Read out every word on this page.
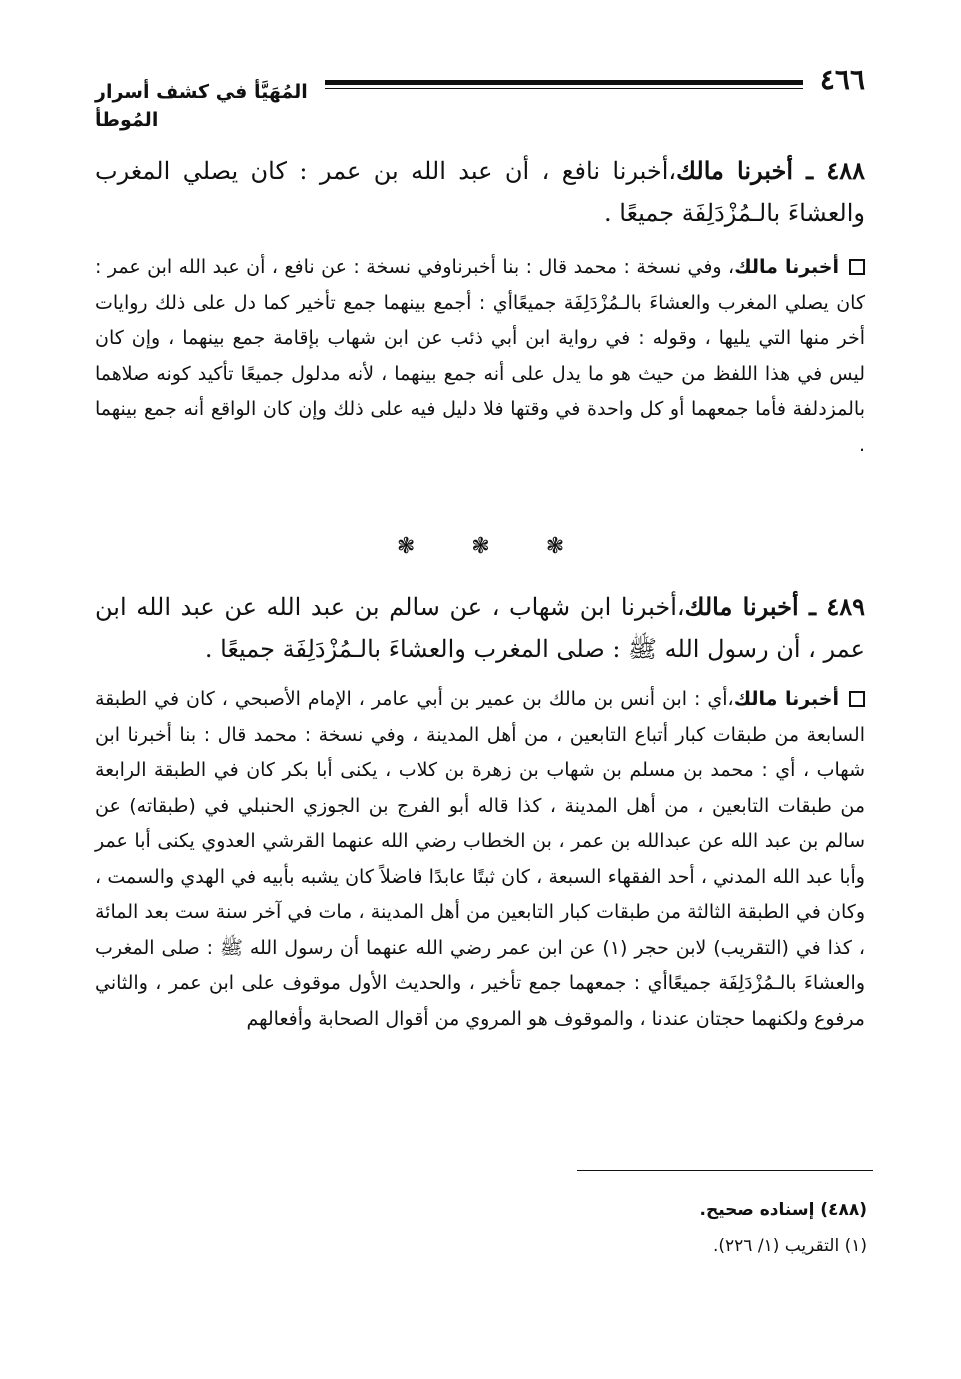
٤٦٦
المُهَيَّأ في كشف أسرار المُوطأ

٤٨٨ ـ أخبرنا مالك،أخبرنا نافع ، أن عبد الله بن عمر : كان يصلي المغرب والعشاءَ بالـمُزْدَلِفَة جميعًا .

أخبرنا مالك، وفي نسخة : محمد قال : بنا أخبرناوفي نسخة : عن نافع ، أن عبد الله ابن عمر : كان يصلي المغرب والعشاءَ بالـمُزْدَلِفَة جميعًاأي : أجمع بينهما جمع تأخير كما دل على ذلك روايات أخر منها التي يليها ، وقوله : في رواية ابن أبي ذئب عن ابن شهاب بإقامة جمع بينهما ، وإن كان ليس في هذا اللفظ من حيث هو ما يدل على أنه جمع بينهما ، لأنه مدلول جميعًا تأكيد كونه صلاهما بالمزدلفة فأما جمعهما أو كل واحدة في وقتها فلا دليل فيه على ذلك وإن كان الواقع أنه جمع بينهما .

❃	❃	❃

٤٨٩ ـ أخبرنا مالك،أخبرنا ابن شهاب ، عن سالم بن عبد الله عن عبد الله ابن عمر ، أن رسول الله ﷺ : صلى المغرب والعشاءَ بالـمُزْدَلِفَة جميعًا .

أخبرنا مالك،أي : ابن أنس بن مالك بن عمير بن أبي عامر ، الإمام الأصبحي ، كان في الطبقة السابعة من طبقات كبار أتباع التابعين ، من أهل المدينة ، وفي نسخة : محمد قال : بنا أخبرنا ابن شهاب ، أي : محمد بن مسلم بن شهاب بن زهرة بن كلاب ، يكنى أبا بكر كان في الطبقة الرابعة من طبقات التابعين ، من أهل المدينة ، كذا قاله أبو الفرج بن الجوزي الحنبلي في (طبقاته) عن سالم بن عبد الله عن عبدالله بن عمر ، بن الخطاب رضي الله عنهما القرشي العدوي يكنى أبا عمر وأبا عبد الله المدني ، أحد الفقهاء السبعة ، كان ثبتًا عابدًا فاضلاً كان يشبه بأبيه في الهدي والسمت ، وكان في الطبقة الثالثة من طبقات كبار التابعين من أهل المدينة ، مات في آخر سنة ست بعد المائة ، كذا في (التقريب) لابن حجر (١) عن ابن عمر رضي الله عنهما أن رسول الله ﷺ : صلى المغرب والعشاءَ بالـمُزْدَلِفَة جميعًاأي : جمعهما جمع تأخير ، والحديث الأول موقوف على ابن عمر ، والثاني مرفوع ولكنهما حجتان عندنا ، والموقوف هو المروي من أقوال الصحابة وأفعالهم

(٤٨٨) إسناده صحيح.

(١) التقريب (١/ ٢٢٦).
